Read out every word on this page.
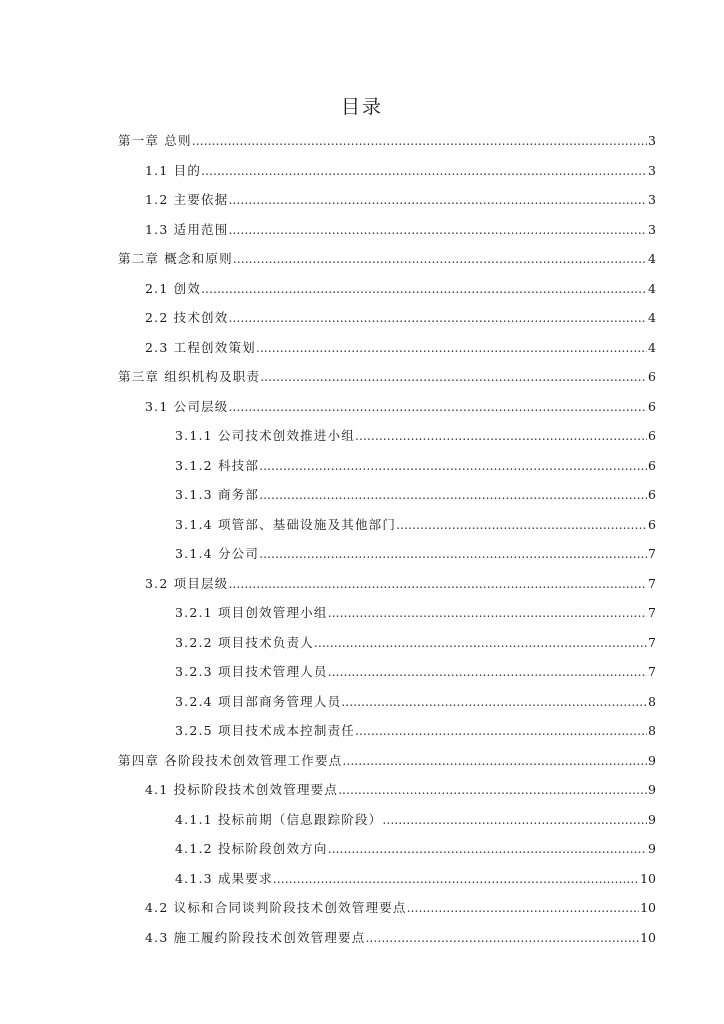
目录
第一章 总则 .....	3
1.1 目的 .....	3
1.2 主要依据 .....	3
1.3 适用范围 .....	3
第二章 概念和原则 .....	4
2.1 创效 .....	4
2.2 技术创效 .....	4
2.3 工程创效策划 .....	4
第三章 组织机构及职责 .....	6
3.1 公司层级 .....	6
3.1.1 公司技术创效推进小组 .....	6
3.1.2 科技部 .....	6
3.1.3 商务部 .....	6
3.1.4 项管部、基础设施及其他部门 .....	6
3.1.4 分公司 .....	7
3.2 项目层级 .....	7
3.2.1 项目创效管理小组 .....	7
3.2.2 项目技术负责人 .....	7
3.2.3 项目技术管理人员 .....	7
3.2.4 项目部商务管理人员 .....	8
3.2.5 项目技术成本控制责任 .....	8
第四章 各阶段技术创效管理工作要点 .....	9
4.1 投标阶段技术创效管理要点 .....	9
4.1.1 投标前期（信息跟踪阶段） .....	9
4.1.2 投标阶段创效方向 .....	9
4.1.3 成果要求 .....	10
4.2 议标和合同谈判阶段技术创效管理要点 .....	10
4.3 施工履约阶段技术创效管理要点 .....	10
